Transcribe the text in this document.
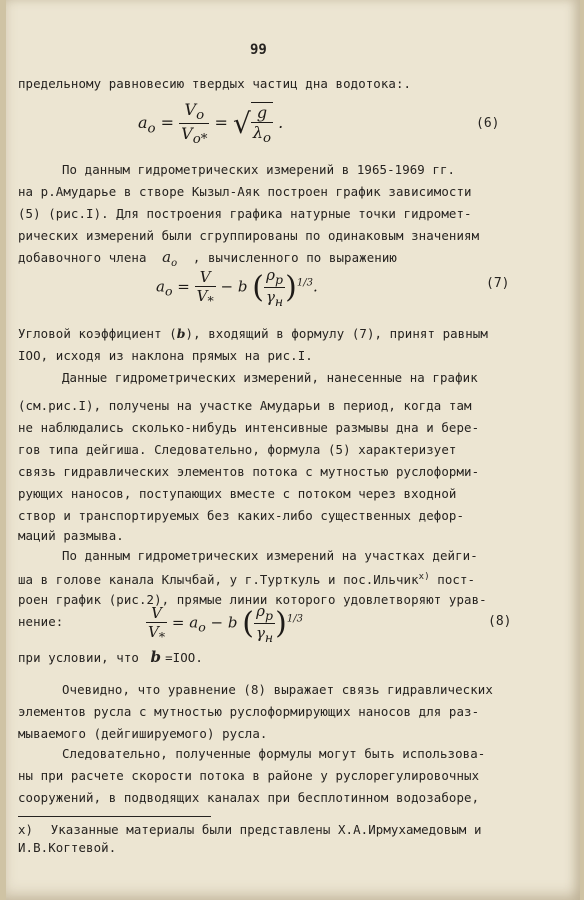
99
предельному равновесию твердых частиц дна водотока:.
$a_o = \frac{V_o}{V_{o*}}$ = √ $\frac{g}{\lambda_o}$ .	(6)
По данным гидрометрических измерений в 1965-1969 гг.
на р.Амударье в створе Кызыл-Аяк построен график зависимости
(5) (рис.I). Для построения графика натурные точки гидромет-
рических измерений были сгруппированы по одинаковым значениям
добавочного члена $a_o$ , вычисленного по выражению
$a_o = \frac{V}{V_*} - b$ ( $\frac{\rho_p}{\gamma_н} )^{1/3}$.	(7)
Угловой коэффициент (b), входящий в формулу (7), принят равным
IOO, исходя из наклона прямых на рис.I.
Данные гидрометрических измерений, нанесенные на график
(см.рис.I), получены на участке Амударьи в период, когда там
не наблюдались сколько-нибудь интенсивные размывы дна и бере-
гов типа дейгиша. Следовательно, формула (5) характеризует
связь гидравлических элементов потока с мутностью руслоформи-
рующих наносов, поступающих вместе с потоком через входной
створ и транспортируемых без каких-либо существенных дефор-
маций размыва.
По данным гидрометрических измерений на участках дейги-
ша в голове канала Клычбай, у г.Турткуль и пос.Ильчик$^{x)}$ пост-
роен график (рис.2), прямые линии которого удовлетворяют урав-
нение:	$\frac{V}{V_*} = a_o - b$ ( $\frac{\rho_p}{\gamma_н} )^{1/3}$	(8)
при условии, что b =IOO.
Очевидно, что уравнение (8) выражает связь гидравлических
элементов русла с мутностью руслоформирующих наносов для раз-
мываемого (дейгишируемого) русла.
Следовательно, полученные формулы могут быть использова-
ны при расчете скорости потока в районе у руслорегулировочных
сооружений, в подводящих каналах при бесплотинном водозаборе,
x) Указанные материалы были представлены Х.А.Ирмухамедовым и
И.В.Когтевой.
